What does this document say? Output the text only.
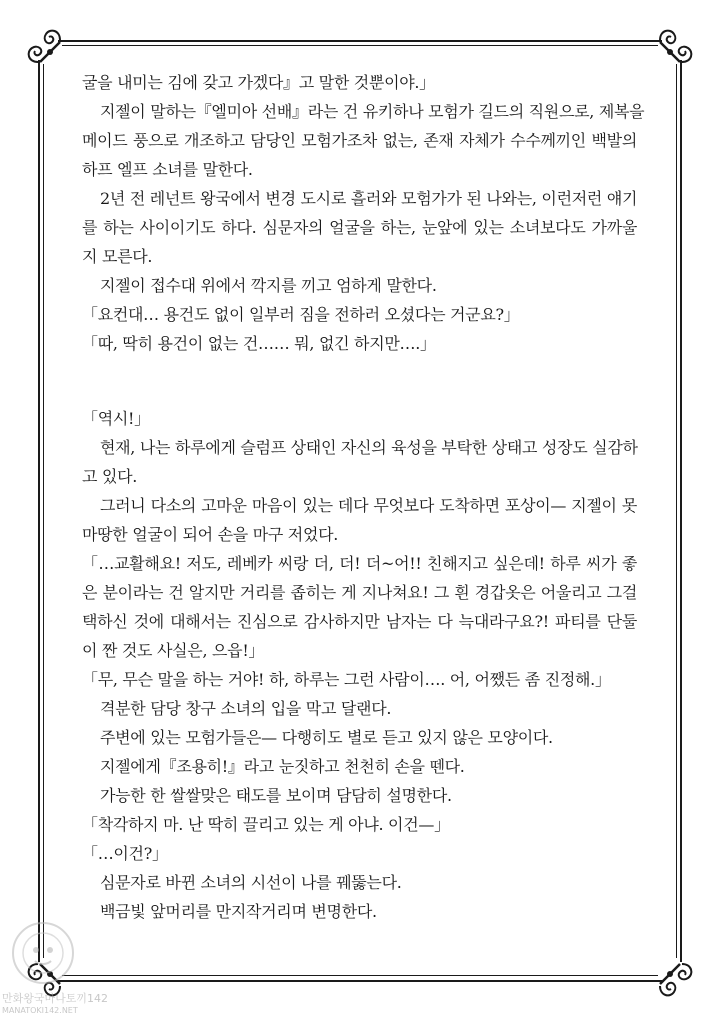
굴을 내미는 김에 갖고 가겠다』고 말한 것뿐이야.」
지젤이 말하는『엘미아 선배』라는 건 유키하나 모험가 길드의 직원으로, 제복을
메이드 풍으로 개조하고 담당인 모험가조차 없는, 존재 자체가 수수께끼인 백발의
하프 엘프 소녀를 말한다.
2년 전 레넌트 왕국에서 변경 도시로 흘러와 모험가가 된 나와는, 이런저런 얘기
를 하는 사이이기도 하다. 심문자의 얼굴을 하는, 눈앞에 있는 소녀보다도 가까울
지 모른다.
지젤이 접수대 위에서 깍지를 끼고 엄하게 말한다.
「요컨대… 용건도 없이 일부러 짐을 전하러 오셨다는 거군요?」
「따, 딱히 용건이 없는 건…… 뭐, 없긴 하지만….」
「역시!」
현재, 나는 하루에게 슬럼프 상태인 자신의 육성을 부탁한 상태고 성장도 실감하
고 있다.
그러니 다소의 고마운 마음이 있는 데다 무엇보다 도착하면 포상이— 지젤이 못
마땅한 얼굴이 되어 손을 마구 저었다.
「…교활해요! 저도, 레베카 씨랑 더, 더! 더~어!! 친해지고 싶은데! 하루 씨가 좋
은 분이라는 건 알지만 거리를 좁히는 게 지나쳐요! 그 흰 경갑옷은 어울리고 그걸
택하신 것에 대해서는 진심으로 감사하지만 남자는 다 늑대라구요?! 파티를 단둘
이 짠 것도 사실은, 으읍!」
「무, 무슨 말을 하는 거야! 하, 하루는 그런 사람이…. 어, 어쨌든 좀 진정해.」
격분한 담당 창구 소녀의 입을 막고 달랜다.
주변에 있는 모험가들은— 다행히도 별로 듣고 있지 않은 모양이다.
지젤에게『조용히!』라고 눈짓하고 천천히 손을 뗀다.
가능한 한 쌀쌀맞은 태도를 보이며 담담히 설명한다.
「착각하지 마. 난 딱히 끌리고 있는 게 아냐. 이건—」
「…이건?」
심문자로 바뀐 소녀의 시선이 나를 꿰뚫는다.
백금빛 앞머리를 만지작거리며 변명한다.
만화왕국마나토끼142
MANATOKI142.NET
